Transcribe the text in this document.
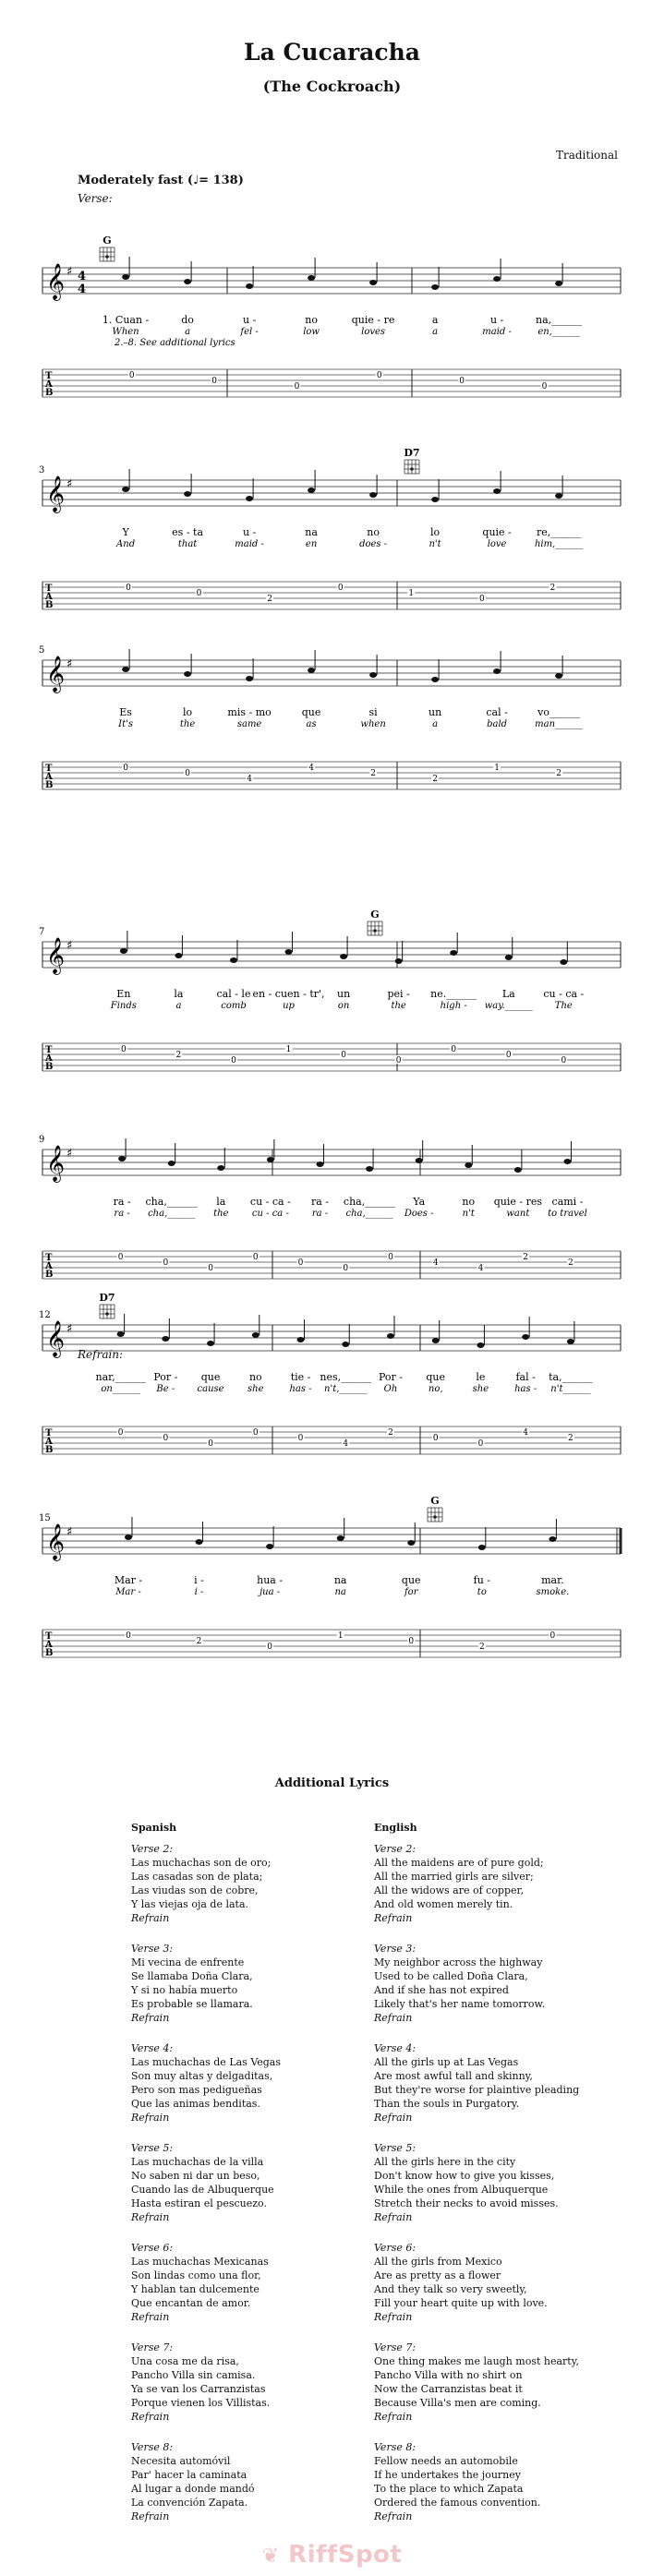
La Cucaracha
(The Cockroach)
Traditional
Moderately fast (♩= 138)
Verse:
Refrain:
𝄞 ♯ 4
4
T
A
B
G
1. Cuan -
When
do
a
u -
fel -
no
low
quie - re
loves
a
a
u -
maid -
na,______
en,______
2.–8. See additional lyrics
0
0
0
0
0
0
𝄞 ♯
T
A
B
3
D7
Y
And
es - ta
that
u -
maid -
na
en
no
does -
lo
n't
quie -
love
re,______
him,______
0
0
2
0
1
0
2
𝄞 ♯
T
A
B
5
Es
It's
lo
the
mis - mo
same
que
as
si
when
un
a
cal -
bald
vo______
man______
0
0
4
4
2
2
1
2
𝄞 ♯
T
A
B
7
G
En
Finds
la
a
cal - le
comb
en - cuen - tr',
up
un
on
pei -
the
ne.______
high -
La
way.______
cu - ca -
The
0
2
0
1
0
0
0
0
0
𝄞 ♯
T
A
B
9
ra -
ra -
cha,______
cha,______
la
the
cu - ca -
cu - ca -
ra -
ra -
cha,______
cha,______
Ya
Does -
no
n't
quie - res
want
cami -
to travel
0
0
0
0
0
0
0
4
4
2
2
𝄞 ♯
T
A
B
12
D7
nar,______
on______
Por -
Be -
que
cause
no
she
tie -
has -
nes,______
n't,______
Por -
Oh
que
no,
le
she
fal -
has -
ta,______
n't______
0
0
0
0
0
4
2
0
0
4
2
𝄞 ♯
T
A
B
15
G
Mar -
Mar -
i -
i -
hua -
jua -
na
na
que
for
fu -
to
mar.
smoke.
0
2
0
1
0
2
0
Additional Lyrics
Spanish
Verse 2:
Las muchachas son de oro;
Las casadas son de plata;
Las viudas son de cobre,
Y las viejas oja de lata.
Refrain
Verse 3:
Mi vecina de enfrente
Se llamaba Doña Clara,
Y si no había muerto
Es probable se llamara.
Refrain
Verse 4:
Las muchachas de Las Vegas
Son muy altas y delgaditas,
Pero son mas pedigueñas
Que las animas benditas.
Refrain
Verse 5:
Las muchachas de la villa
No saben ni dar un beso,
Cuando las de Albuquerque
Hasta estiran el pescuezo.
Refrain
Verse 6:
Las muchachas Mexicanas
Son lindas como una flor,
Y hablan tan dulcemente
Que encantan de amor.
Refrain
Verse 7:
Una cosa me da risa,
Pancho Villa sin camisa.
Ya se van los Carranzistas
Porque vienen los Villistas.
Refrain
Verse 8:
Necesita automóvil
Par' hacer la caminata
Al lugar a donde mandó
La convención Zapata.
Refrain
English
Verse 2:
All the maidens are of pure gold;
All the married girls are silver;
All the widows are of copper,
And old women merely tin.
Refrain
Verse 3:
My neighbor across the highway
Used to be called Doña Clara,
And if she has not expired
Likely that's her name tomorrow.
Refrain
Verse 4:
All the girls up at Las Vegas
Are most awful tall and skinny,
But they're worse for plaintive pleading
Than the souls in Purgatory.
Refrain
Verse 5:
All the girls here in the city
Don't know how to give you kisses,
While the ones from Albuquerque
Stretch their necks to avoid misses.
Refrain
Verse 6:
All the girls from Mexico
Are as pretty as a flower
And they talk so very sweetly,
Fill your heart quite up with love.
Refrain
Verse 7:
One thing makes me laugh most hearty,
Pancho Villa with no shirt on
Now the Carranzistas beat it
Because Villa's men are coming.
Refrain
Verse 8:
Fellow needs an automobile
If he undertakes the journey
To the place to which Zapata
Ordered the famous convention.
Refrain
❦ RiffSpot
